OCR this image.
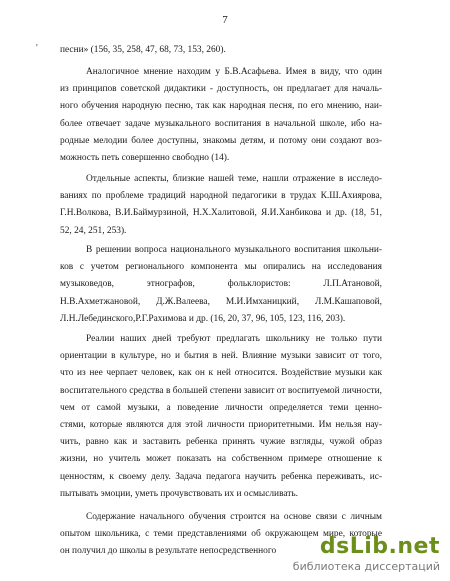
7
' песни» (156, 35, 258, 47, 68, 73, 153, 260).
Аналогичное мнение находим у Б.В.Асафьева. Имея в виду, что один
из принципов советской дидактики - доступность, он предлагает для началь-
ного обучения народную песню, так как народная песня, по его мнению, наи-
более отвечает задаче музыкального воспитания в начальной школе, ибо на-
родные мелодии более доступны, знакомы детям, и потому они создают воз-
можность петь совершенно свободно (14).
Отдельные аспекты, близкие нашей теме, нашли отражение в исследо-
ваниях по проблеме традиций народной педагогики в трудах К.Ш.Ахиярова,
Г.Н.Волкова, В.И.Баймурзиной, Н.Х.Халитовой, Я.И.Ханбикова и др. (18, 51,
52, 24, 251, 253).
В решении вопроса национального музыкального воспитания школьни-
ков с учетом регионального компонента мы опирались на исследования
музыковедов, этнографов, фольклористов: Л.П.Атановой,
Н.В.Ахметжановой, Д.Ж.Валеева, М.И.Имханицкий, Л.М.Кашаповой,
Л.Н.Лебединского,Р.Г.Рахимова и др. (16, 20, 37, 96, 105, 123, 116, 203).
Реалии наших дней требуют предлагать школьнику не только пути
ориентации в культуре, но и бытия в ней. Влияние музыки зависит от того,
что из нее черпает человек, как он к ней относится. Воздействие музыки как
воспитательного средства в большей степени зависит от воспитуемой личности,
чем от самой музыки, а поведение личности определяется теми ценно-
стями, которые являются для этой личности приоритетными. Им нельзя нау-
чить, равно как и заставить ребенка принять чужие взгляды, чужой образ
жизни, но учитель может показать на собственном примере отношение к
ценностям, к своему делу. Задача педагога научить ребенка переживать, ис-
пытывать эмоции, уметь прочувствовать их и осмысливать.
Содержание начального обучения строится на основе связи с личным
опытом школьника, с теми представлениями об окружающем мире, которые
он получил до школы в результате непосредственного	dsLib.net
библиотека диссертаций
